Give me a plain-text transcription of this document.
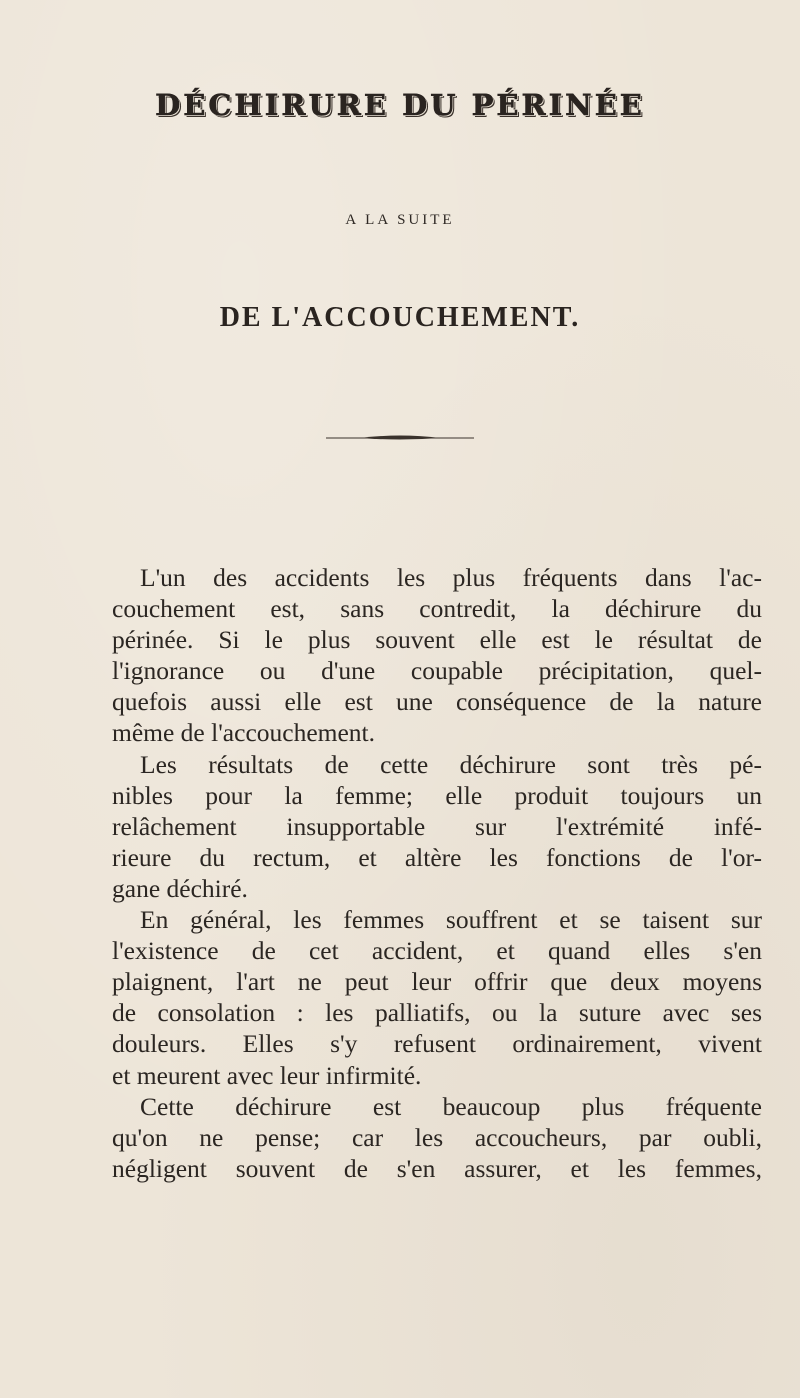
DÉCHIRURE DU PÉRINÉE
A LA SUITE
DE L'ACCOUCHEMENT.
L'un des accidents les plus fréquents dans l'ac-
couchement est, sans contredit, la déchirure du
périnée. Si le plus souvent elle est le résultat de
l'ignorance ou d'une coupable précipitation, quel-
quefois aussi elle est une conséquence de la nature
même de l'accouchement.
Les résultats de cette déchirure sont très pé-
nibles pour la femme; elle produit toujours un
relâchement insupportable sur l'extrémité infé-
rieure du rectum, et altère les fonctions de l'or-
gane déchiré.
En général, les femmes souffrent et se taisent sur
l'existence de cet accident, et quand elles s'en
plaignent, l'art ne peut leur offrir que deux moyens
de consolation : les palliatifs, ou la suture avec ses
douleurs. Elles s'y refusent ordinairement, vivent
et meurent avec leur infirmité.
Cette déchirure est beaucoup plus fréquente
qu'on ne pense; car les accoucheurs, par oubli,
négligent souvent de s'en assurer, et les femmes,
